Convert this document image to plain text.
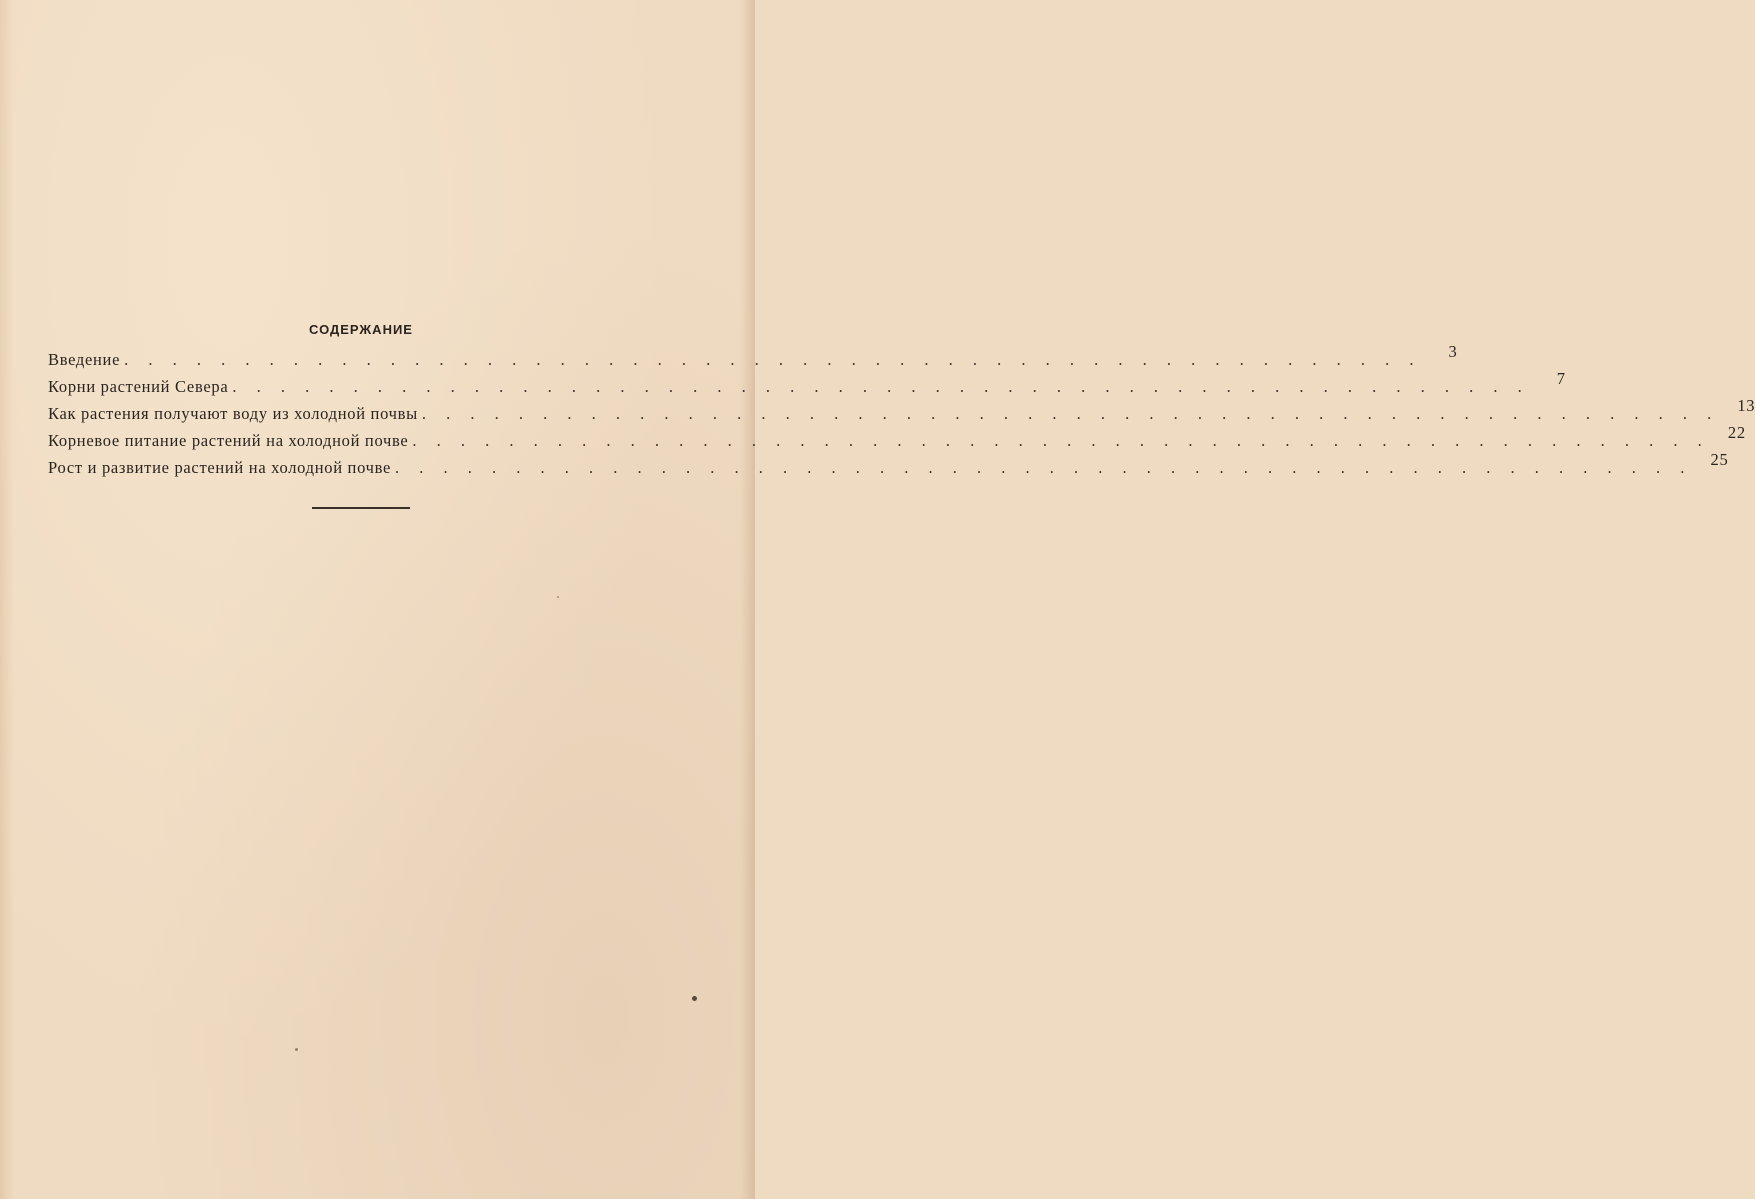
СОДЕРЖАНИЕ
Введение . . . . . . . . . . . . . . . . . . . . . . . . . . . . . . . . . . . . . . . . . . . . . . . . . . . . . .	3
Корни растений Севера . . . . . . . . . . . . . . . . . . . . . . . . . . . . . . . . . . . . . . . . . . . . . . . . . . . . . .	7
Как растения получают воду из холодной почвы . . . . . . . . . . . . . . . . . . . . . . . . . . . . . . . . . . . . . . . . . . . . . . . . . . . . . .	13
Корневое питание растений на холодной почве . . . . . . . . . . . . . . . . . . . . . . . . . . . . . . . . . . . . . . . . . . . . . . . . . . . . . .	22
Рост и развитие растений на холодной почве . . . . . . . . . . . . . . . . . . . . . . . . . . . . . . . . . . . . . . . . . . . . . . . . . . . . . .	25
